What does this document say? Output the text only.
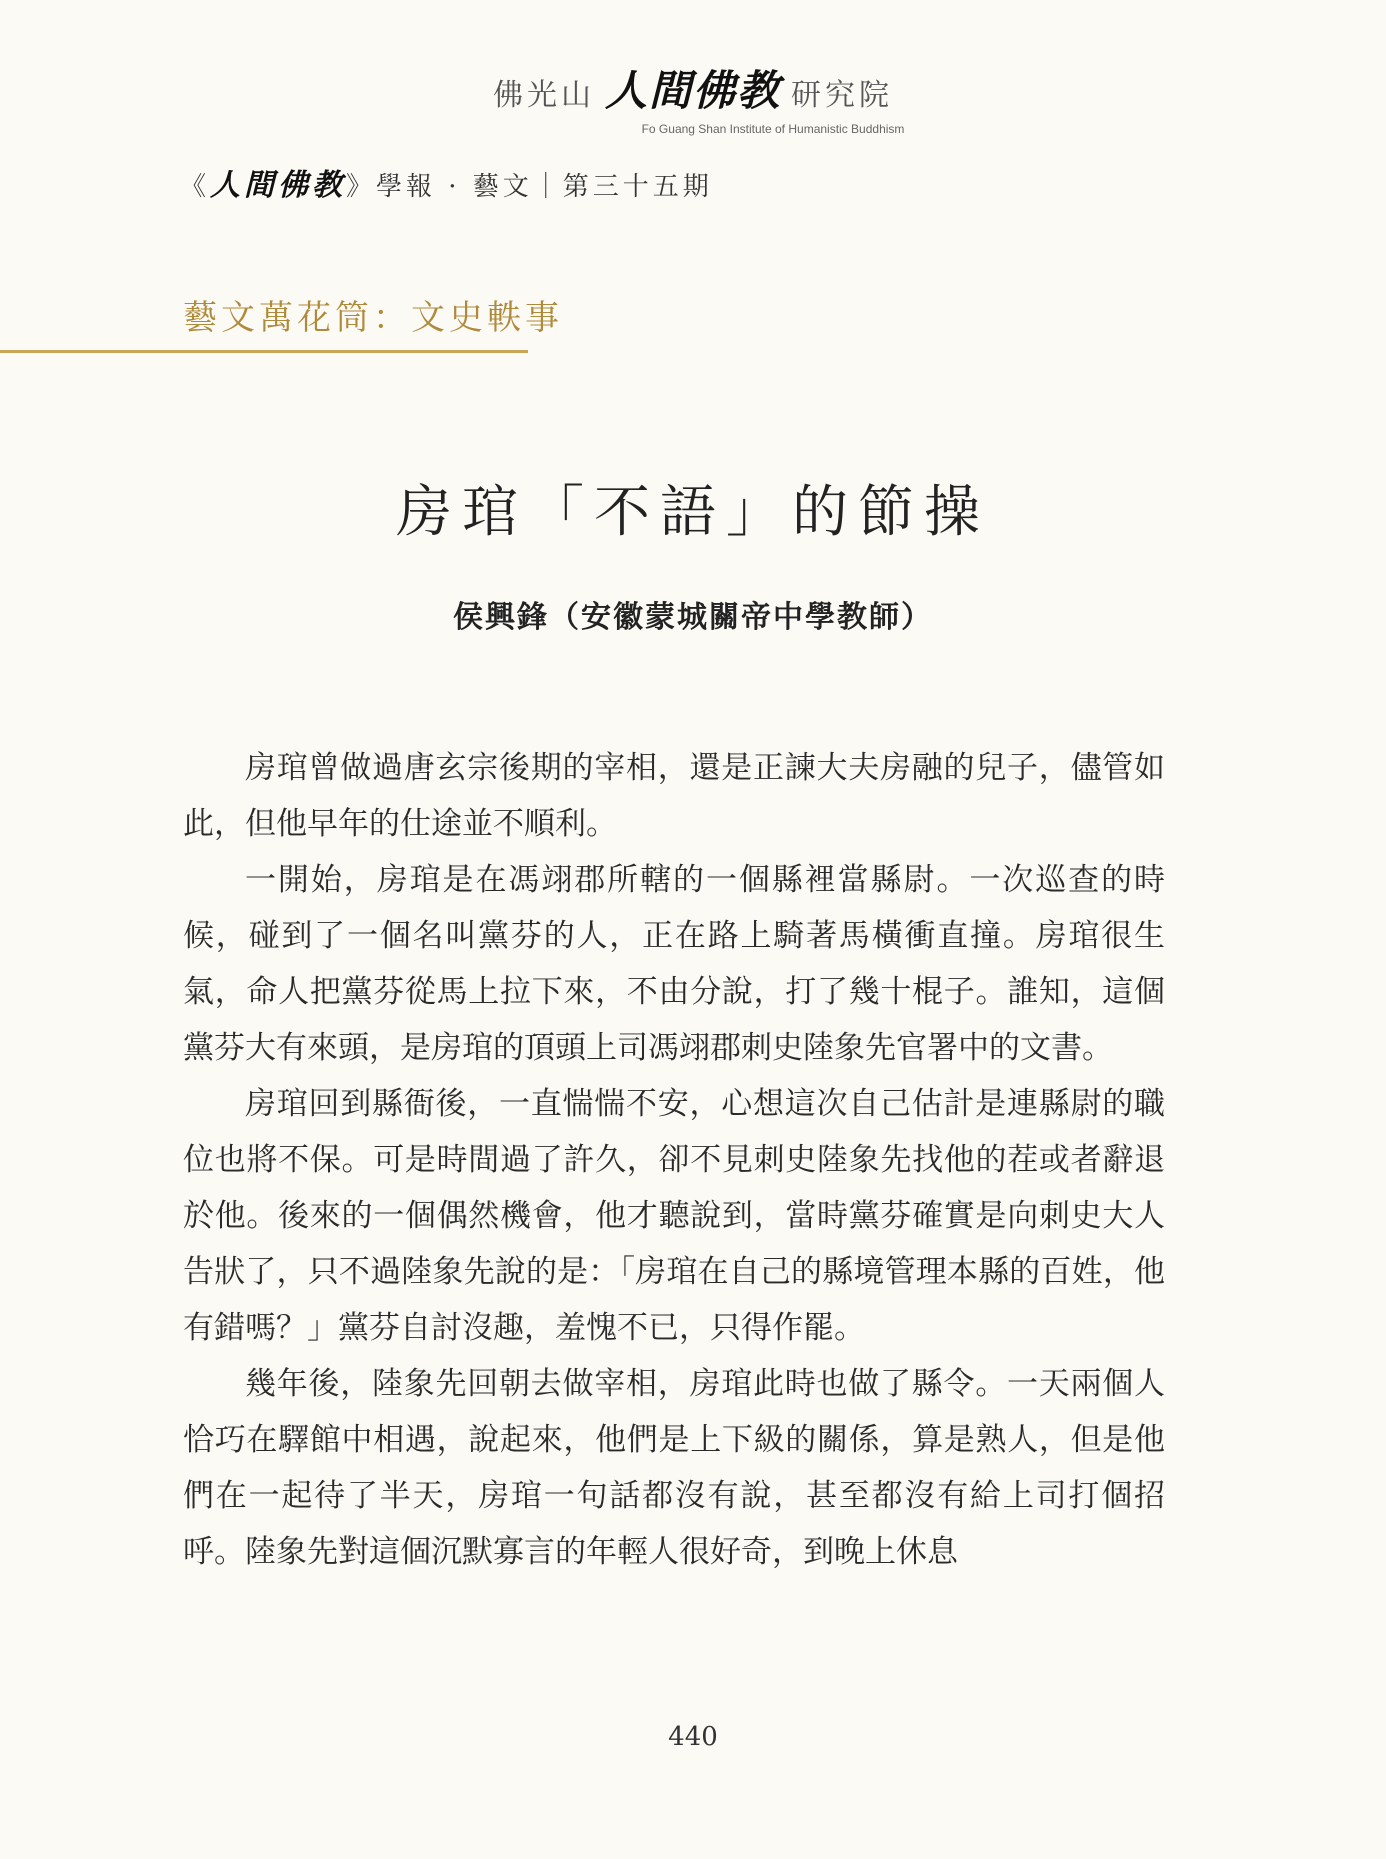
佛光山 人間佛教 研究院
Fo Guang Shan Institute of Humanistic Buddhism
《人間佛教》學報 · 藝文｜第三十五期
藝文萬花筒：文史軼事
房琯「不語」的節操
侯興鋒（安徽蒙城關帝中學教師）

房琯曾做過唐玄宗後期的宰相，還是正諫大夫房融的兒子，儘管如此，但他早年的仕途並不順利。

一開始，房琯是在馮翊郡所轄的一個縣裡當縣尉。一次巡查的時候，碰到了一個名叫黨芬的人，正在路上騎著馬橫衝直撞。房琯很生氣，命人把黨芬從馬上拉下來，不由分說，打了幾十棍子。誰知，這個黨芬大有來頭，是房琯的頂頭上司馮翊郡刺史陸象先官署中的文書。

房琯回到縣衙後，一直惴惴不安，心想這次自己估計是連縣尉的職位也將不保。可是時間過了許久，卻不見刺史陸象先找他的茬或者辭退於他。後來的一個偶然機會，他才聽說到，當時黨芬確實是向刺史大人告狀了，只不過陸象先說的是：「房琯在自己的縣境管理本縣的百姓，他有錯嗎？」黨芬自討沒趣，羞愧不已，只得作罷。

幾年後，陸象先回朝去做宰相，房琯此時也做了縣令。一天兩個人恰巧在驛館中相遇，說起來，他們是上下級的關係，算是熟人，但是他們在一起待了半天，房琯一句話都沒有說，甚至都沒有給上司打個招呼。陸象先對這個沉默寡言的年輕人很好奇，到晚上休息

440
